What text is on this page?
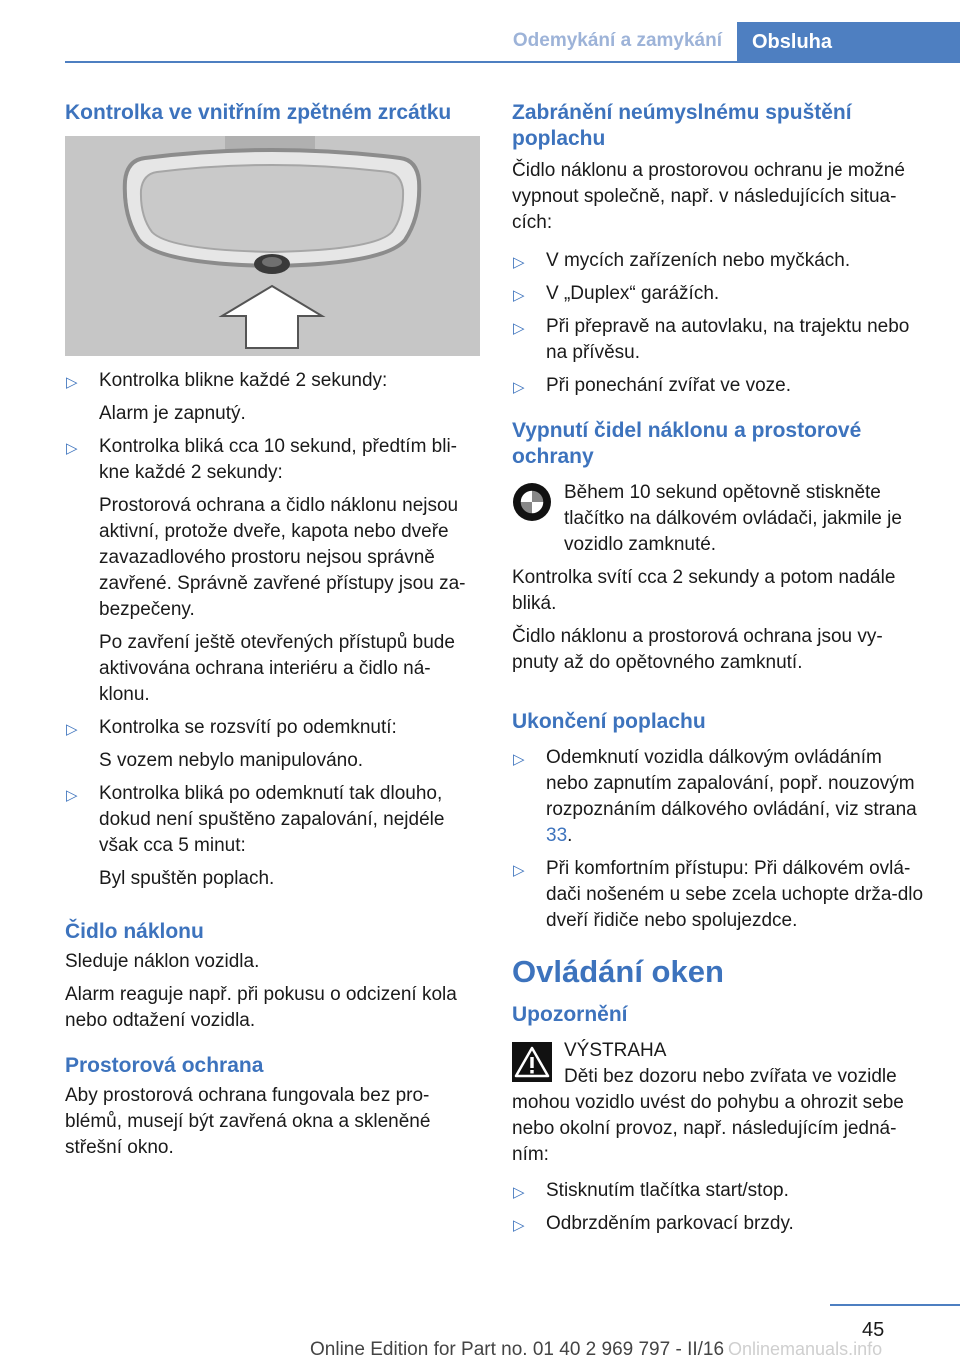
Odemykání a zamykání	Obsluha
Kontrolka ve vnitřním zpětném zrcátku
▷ Kontrolka blikne každé 2 sekundy:
Alarm je zapnutý.
▷ Kontrolka bliká cca 10 sekund, předtím bli‐kne každé 2 sekundy:
Prostorová ochrana a čidlo náklonu nejsou aktivní, protože dveře, kapota nebo dveře zavazadlového prostoru nejsou správně zavřené. Správně zavřené přístupy jsou za‐bezpečeny.
Po zavření ještě otevřených přístupů bude aktivována ochrana interiéru a čidlo ná‐klonu.
▷ Kontrolka se rozsvítí po odemknutí:
S vozem nebylo manipulováno.
▷ Kontrolka bliká po odemknutí tak dlouho, dokud není spuštěno zapalování, nejdéle však cca 5 minut:
Byl spuštěn poplach.
Čidlo náklonu
Sleduje náklon vozidla.
Alarm reaguje např. při pokusu o odcizení kola nebo odtažení vozidla.
Prostorová ochrana
Aby prostorová ochrana fungovala bez pro‐blémů, musejí být zavřená okna a skleněné střešní okno.
Zabránění neúmyslnému spuštění poplachu
Čidlo náklonu a prostorovou ochranu je možné vypnout společně, např. v následujících situa‐cích:
▷ V mycích zařízeních nebo myčkách.
▷ V „Duplex“ garážích.
▷ Při přepravě na autovlaku, na trajektu nebo na přívěsu.
▷ Při ponechání zvířat ve voze.
Vypnutí čidel náklonu a prostorové ochrany
Během 10 sekund opětovně stiskněte tlačítko na dálkovém ovládači, jakmile je vozidlo zamknuté.
Kontrolka svítí cca 2 sekundy a potom nadále bliká.
Čidlo náklonu a prostorová ochrana jsou vy‐pnuty až do opětovného zamknutí.
Ukončení poplachu
▷ Odemknutí vozidla dálkovým ovládáním nebo zapnutím zapalování, popř. nouzovým rozpoznáním dálkového ovládání, viz strana 33.
▷ Při komfortním přístupu: Při dálkovém ovlá‐dači nošeném u sebe zcela uchopte drža‐dlo dveří řidiče nebo spolujezdce.
Ovládání oken
Upozornění
VÝSTRAHA
Děti bez dozoru nebo zvířata ve vozidle mohou vozidlo uvést do pohybu a ohrozit sebe nebo okolní provoz, např. následujícím jedná‐ním:
▷ Stisknutím tlačítka start/stop.
▷ Odbrzděním parkovací brzdy.
45
Online Edition for Part no. 01 40 2 969 797 - II/16 Onlinemanuals.info
